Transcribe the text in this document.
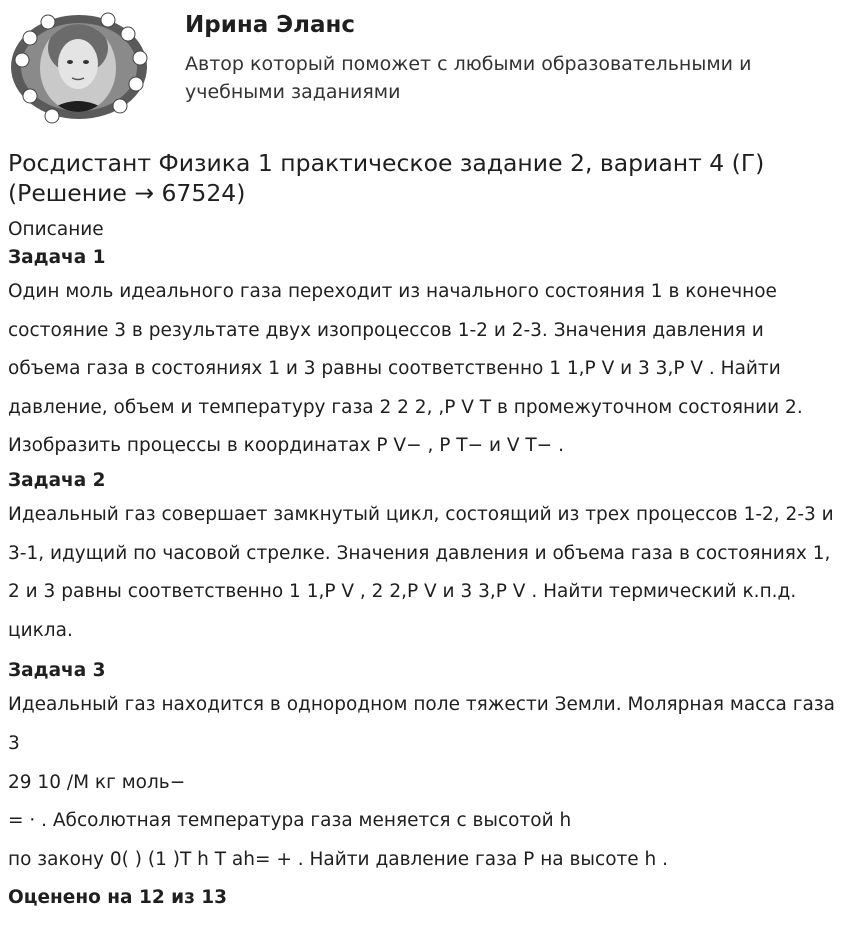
Ирина Эланс
Автор который поможет с любыми образовательными и учебными заданиями
Росдистант Физика 1 практическое задание 2, вариант 4 (Г) (Решение → 67524)
Описание
Задача 1

Один моль идеального газа переходит из начального состояния 1 в конечное состояние 3 в результате двух изопроцессов 1-2 и 2-3. Значения давления и объема газа в состояниях 1 и 3 равны соответственно 1 1,P V и 3 3,P V . Найти давление, объем и температуру газа 2 2 2, ,P V T в промежуточном состоянии 2. Изобразить процессы в координатах P V− , P T− и V T− .

Задача 2

Идеальный газ совершает замкнутый цикл, состоящий из трех процессов 1-2, 2-3 и 3-1, идущий по часовой стрелке. Значения давления и объема газа в состояниях 1, 2 и 3 равны соответственно 1 1,P V , 2 2,P V и 3 3,P V . Найти термический к.п.д. цикла.

Задача 3

Идеальный газ находится в однородном поле тяжести Земли. Молярная масса газа 3

29 10 /M кг моль−

= · . Абсолютная температура газа меняется с высотой h

по закону 0( ) (1 )T h T ah= + . Найти давление газа P на высоте h .

Оценено на 12 из 13
